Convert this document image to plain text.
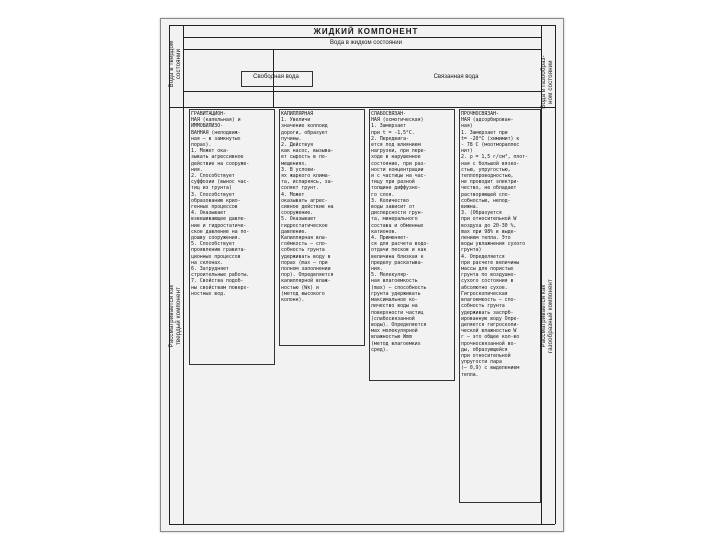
ЖИДКИЙ КОМПОНЕНТ
Вода в жидком состоянии
Свободная вода	Связанная вода
Вода в твердом
состоянии
Рассматривается как
твердый компонент
Вода в газообраз-
ном состоянии
Рассматривается как
газообразный компонент
ГРАВИТАЦИОН-
НАЯ (капельная) и
ИММОБИЛИЗО-
ВАННАЯ (неподвиж-
ная – в замкнутых
порах).
1. Может ока-
зывать агрессивное
действие на сооруже-
ния.
2. Способствует
суффозии (вынос час-
тиц из грунта)
3. Способствует
образованию крио-
генных процессов
4. Оказывает
взвешивающее давле-
ние и гидростатиче-
ское давление на по-
дошву сооружения.
5. Способствует
проявлению гравита-
ционных процессов
на склонах.
6. Затрудняет
строительные работы.
7. Свойства подоб-
ны свойствам поверх-
ностных вод.
КАПИЛЛЯРНАЯ
1. Увеличи
значение коллоид
дороги, образует
пучины.
2. Действуя
как насос, вызыва-
ет сырость в по-
мещениях.
3. В услови-
ях жаркого клима-
та, испаряясь, за-
соляет грунт.
4. Может
оказывать агрес-
сивное действие на
сооружение.
5. Оказывает
гидростатическое
давление.
Капиллярная вла-
гоёмкость – спо-
собность грунта
удерживать воду в
порах (max – при
полном заполнении
пор). Определяется
капиллярной влаж-
ностью (Wк) и
(метод высокого
колонн).
СЛАБОСВЯЗАН-
НАЯ (осмотическая)
1. Замерзает
при t = -1,5°C.
2. Передвига-
ется под влиянием
нагрузки, при пере-
ходе в нарушенное
состояние, при раз-
ности концентрации
и с частицы на час-
тицу при разной
толщине диффузно-
го слоя.
3. Количество
воды зависит от
дисперсности грун-
та, минерального
состава и обменных
катионов.
4. Применяет-
ся для расчета водо-
отдачи песков и как
величина близкая к
пределу раскатыва-
ния.
5. Молекуляр-
ная влагоемкость
(max) – способность
грунта удерживать
максимальное ко-
личество воды на
поверхности частиц
(слабосвязанной
воды). Определяется
мах молекулярной
влажностью Wmm
(метод влагоемких
сред).
ПРОЧНОСВЯЗАН-
НАЯ (адсорбирован-
ная)
1. Замерзает при
t= -20°C (химимит) к
- 78 С (моотмораллес
нит)
2. ρ = 1,5 г/см³, плот-
ная с большой вязко-
стью, упругостью,
теплопроводностью,
не проводит электри-
чество, не обладает
растворяющей спо-
собностью, непод-
вижна.
3. (Образуется
при относительной W
воздуха до 20-30 %,
max при 98% в выде-
лением тепла. Это
воды увлажнения сухого
грунта)
4. Определяется
при расчете величины
массы для пористых
грунта по воздушно-
сухого состояния в
абсолютно сухое.
Гигроскопическая
влагоемкость – спо-
собность грунта
удерживать заспрб-
ированную воду Опре-
деляется гигроскопи-
ческой влажностью W
г – это общее кол-во
прочносвязанной во-
ды, образующейся
при относительной
упругости пара
(– 0,9) с выделением
тепла.
